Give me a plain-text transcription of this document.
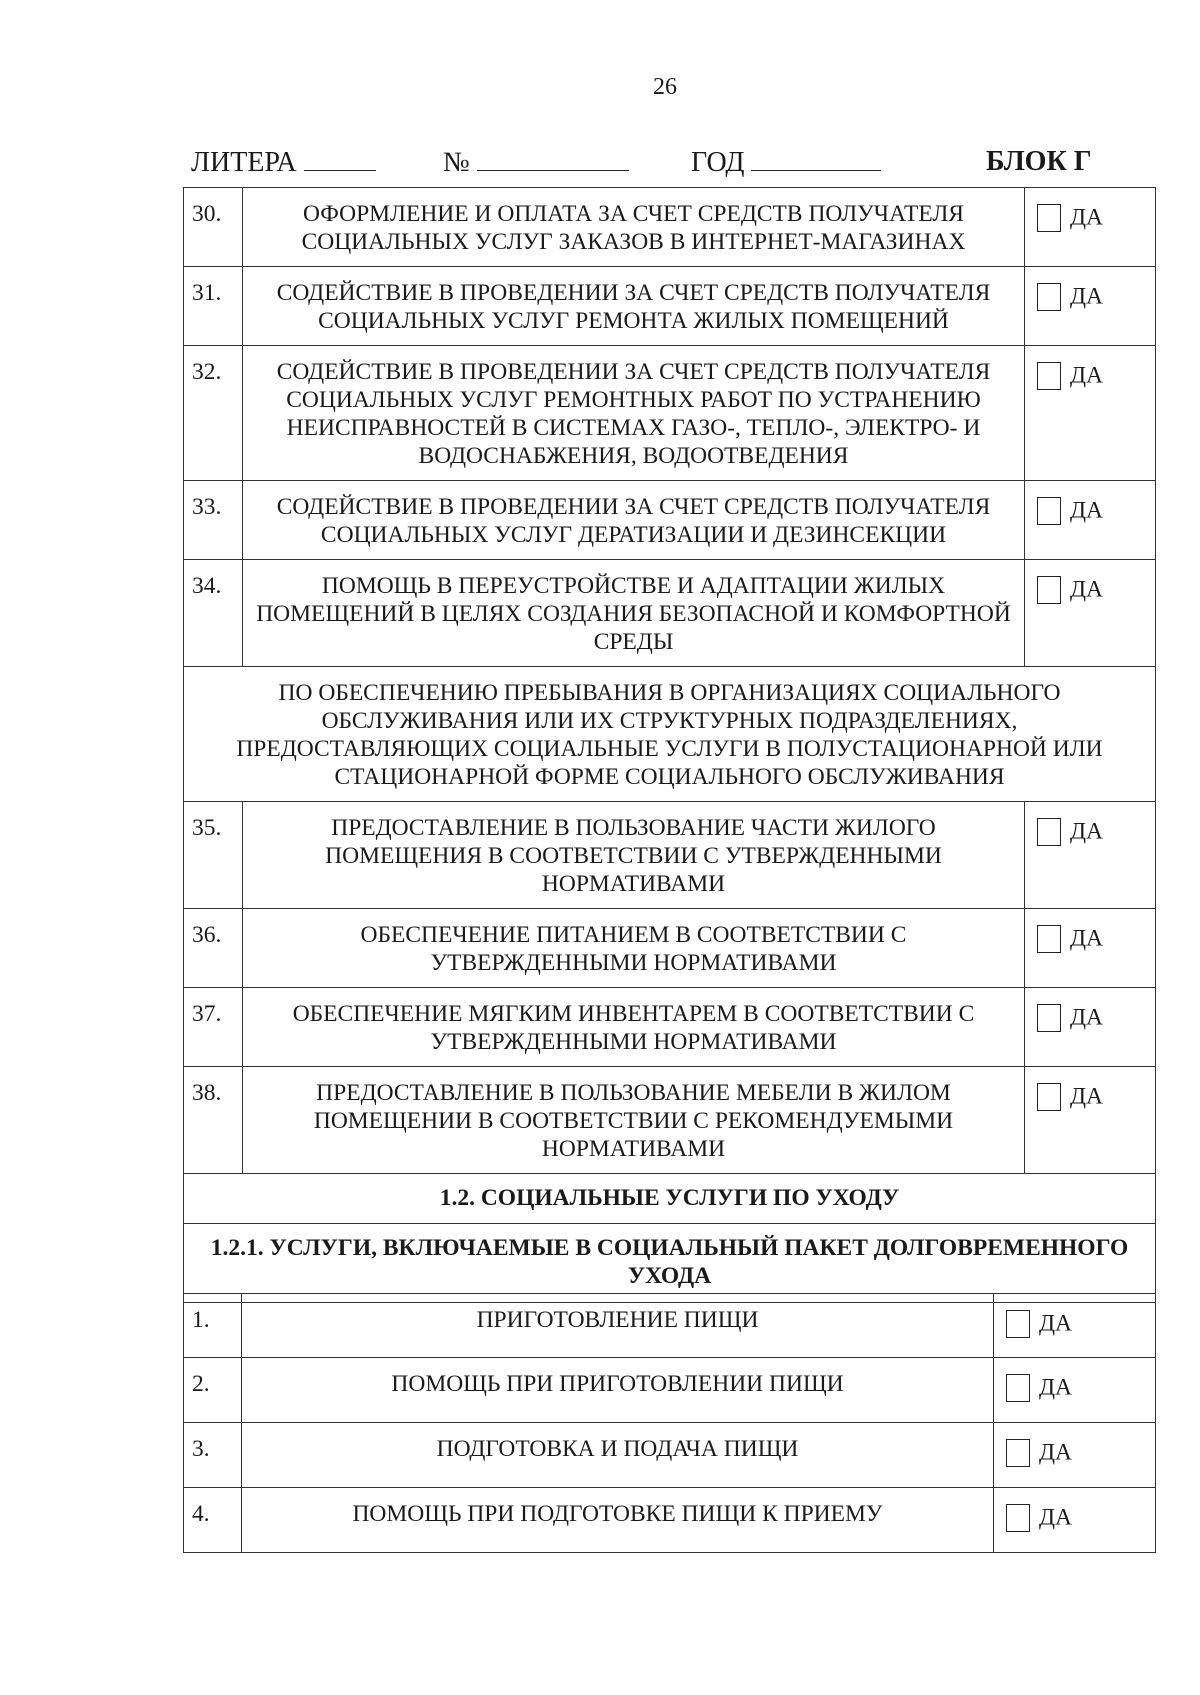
26
ЛИТЕРА	№	ГОД	БЛОК Г
30.	ОФОРМЛЕНИЕ И ОПЛАТА ЗА СЧЕТ СРЕДСТВ ПОЛУЧАТЕЛЯ СОЦИАЛЬНЫХ УСЛУГ ЗАКАЗОВ В ИНТЕРНЕТ-МАГАЗИНАХ	ДА
31.	СОДЕЙСТВИЕ В ПРОВЕДЕНИИ ЗА СЧЕТ СРЕДСТВ ПОЛУЧАТЕЛЯ СОЦИАЛЬНЫХ УСЛУГ РЕМОНТА ЖИЛЫХ ПОМЕЩЕНИЙ	ДА
32.	СОДЕЙСТВИЕ В ПРОВЕДЕНИИ ЗА СЧЕТ СРЕДСТВ ПОЛУЧАТЕЛЯ СОЦИАЛЬНЫХ УСЛУГ РЕМОНТНЫХ РАБОТ ПО УСТРАНЕНИЮ НЕИСПРАВНОСТЕЙ В СИСТЕМАХ ГАЗО-, ТЕПЛО-, ЭЛЕКТРО- И ВОДОСНАБЖЕНИЯ, ВОДООТВЕДЕНИЯ	ДА
33.	СОДЕЙСТВИЕ В ПРОВЕДЕНИИ ЗА СЧЕТ СРЕДСТВ ПОЛУЧАТЕЛЯ СОЦИАЛЬНЫХ УСЛУГ ДЕРАТИЗАЦИИ И ДЕЗИНСЕКЦИИ	ДА
34.	ПОМОЩЬ В ПЕРЕУСТРОЙСТВЕ И АДАПТАЦИИ ЖИЛЫХ ПОМЕЩЕНИЙ В ЦЕЛЯХ СОЗДАНИЯ БЕЗОПАСНОЙ И КОМФОРТНОЙ СРЕДЫ	ДА
ПО ОБЕСПЕЧЕНИЮ ПРЕБЫВАНИЯ В ОРГАНИЗАЦИЯХ СОЦИАЛЬНОГО ОБСЛУЖИВАНИЯ ИЛИ ИХ СТРУКТУРНЫХ ПОДРАЗДЕЛЕНИЯХ, ПРЕДОСТАВЛЯЮЩИХ СОЦИАЛЬНЫЕ УСЛУГИ В ПОЛУСТАЦИОНАРНОЙ ИЛИ СТАЦИОНАРНОЙ ФОРМЕ СОЦИАЛЬНОГО ОБСЛУЖИВАНИЯ		
35.	ПРЕДОСТАВЛЕНИЕ В ПОЛЬЗОВАНИЕ ЧАСТИ ЖИЛОГО ПОМЕЩЕНИЯ В СООТВЕТСТВИИ С УТВЕРЖДЕННЫМИ НОРМАТИВАМИ	ДА
36.	ОБЕСПЕЧЕНИЕ ПИТАНИЕМ В СООТВЕТСТВИИ С УТВЕРЖДЕННЫМИ НОРМАТИВАМИ	ДА
37.	ОБЕСПЕЧЕНИЕ МЯГКИМ ИНВЕНТАРЕМ В СООТВЕТСТВИИ С УТВЕРЖДЕННЫМИ НОРМАТИВАМИ	ДА
38.	ПРЕДОСТАВЛЕНИЕ В ПОЛЬЗОВАНИЕ МЕБЕЛИ В ЖИЛОМ ПОМЕЩЕНИИ В СООТВЕТСТВИИ С РЕКОМЕНДУЕМЫМИ НОРМАТИВАМИ	ДА
1.2. СОЦИАЛЬНЫЕ УСЛУГИ ПО УХОДУ		
1.2.1. УСЛУГИ, ВКЛЮЧАЕМЫЕ В СОЦИАЛЬНЫЙ ПАКЕТ ДОЛГОВРЕМЕННОГО УХОДА		
1.	ПРИГОТОВЛЕНИЕ ПИЩИ	ДА
2.	ПОМОЩЬ ПРИ ПРИГОТОВЛЕНИИ ПИЩИ	ДА
3.	ПОДГОТОВКА И ПОДАЧА ПИЩИ	ДА
4.	ПОМОЩЬ ПРИ ПОДГОТОВКЕ ПИЩИ К ПРИЕМУ	ДА
